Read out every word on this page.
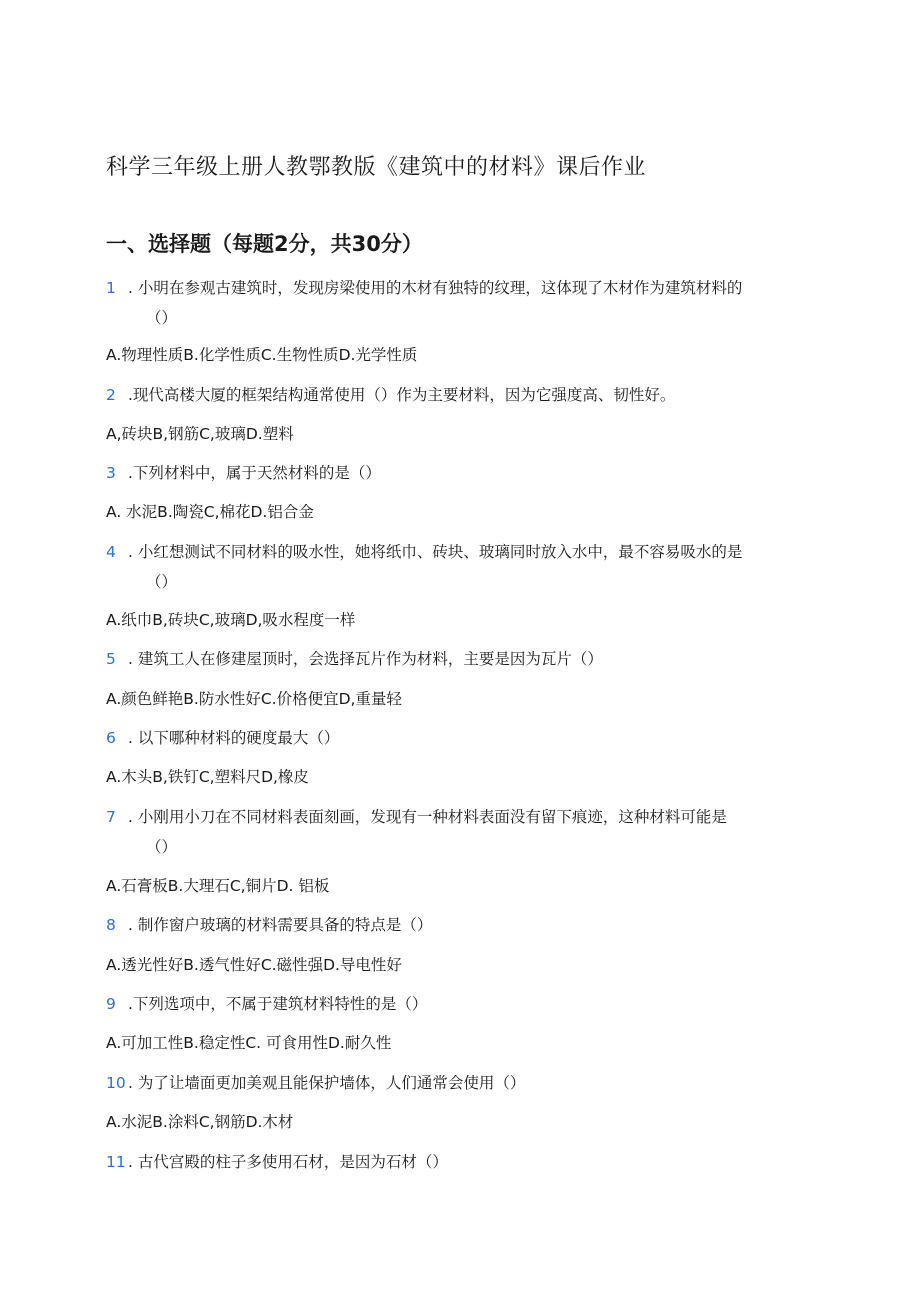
科学三年级上册人教鄂教版《建筑中的材料》课后作业
一、选择题（每题2分，共30分）
1 . 小明在参观古建筑时，发现房梁使用的木材有独特的纹理，这体现了木材作为建筑材料的
（）
A.物理性质B.化学性质C.生物性质D.光学性质
2 .现代高楼大厦的框架结构通常使用（）作为主要材料，因为它强度高、韧性好。
A,砖块B,钢筋C,玻璃D.塑料
3 .下列材料中，属于天然材料的是（）
A. 水泥B.陶瓷C,棉花D.铝合金
4 . 小红想测试不同材料的吸水性，她将纸巾、砖块、玻璃同时放入水中，最不容易吸水的是
（）
A.纸巾B,砖块C,玻璃D,吸水程度一样
5 . 建筑工人在修建屋顶时，会选择瓦片作为材料，主要是因为瓦片（）
A.颜色鲜艳B.防水性好C.价格便宜D,重量轻
6 . 以下哪种材料的硬度最大（）
A.木头B,铁钉C,塑料尺D,橡皮
7 . 小刚用小刀在不同材料表面刻画，发现有一种材料表面没有留下痕迹，这种材料可能是
（）
A.石膏板B.大理石C,铜片D. 铝板
8 . 制作窗户玻璃的材料需要具备的特点是（）
A.透光性好B.透气性好C.磁性强D.导电性好
9 .下列选项中，不属于建筑材料特性的是（）
A.可加工性B.稳定性C. 可食用性D.耐久性
10 . 为了让墙面更加美观且能保护墙体，人们通常会使用（）
A.水泥B.涂料C,钢筋D.木材
11 . 古代宫殿的柱子多使用石材，是因为石材（）
